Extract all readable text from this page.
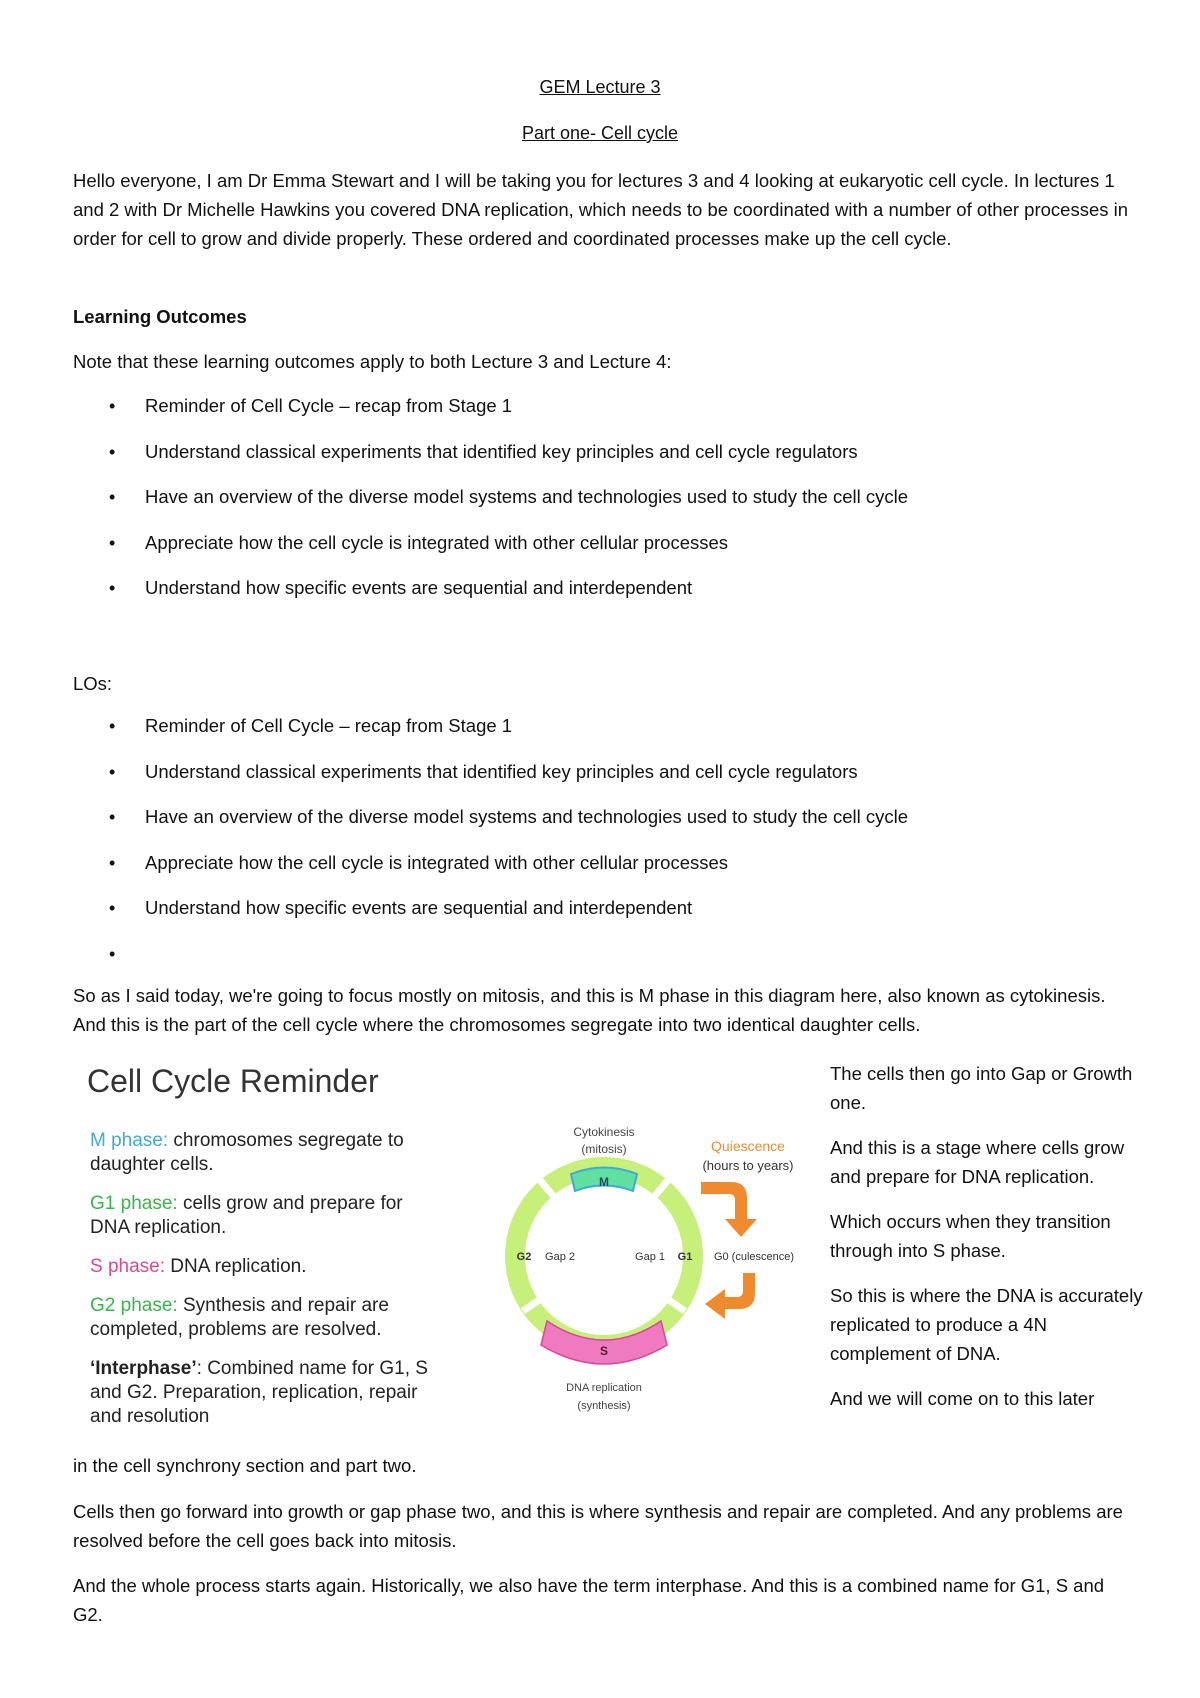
GEM Lecture 3
Part one- Cell cycle
Hello everyone, I am Dr Emma Stewart and I will be taking you for lectures 3 and 4 looking at eukaryotic cell cycle. In lectures 1 and 2 with Dr Michelle Hawkins you covered DNA replication, which needs to be coordinated with a number of other processes in order for cell to grow and divide properly. These ordered and coordinated processes make up the cell cycle.
Learning Outcomes
Note that these learning outcomes apply to both Lecture 3 and Lecture 4:
• Reminder of Cell Cycle – recap from Stage 1
• Understand classical experiments that identified key principles and cell cycle regulators
• Have an overview of the diverse model systems and technologies used to study the cell cycle
• Appreciate how the cell cycle is integrated with other cellular processes
• Understand how specific events are sequential and interdependent
LOs:
• Reminder of Cell Cycle – recap from Stage 1
• Understand classical experiments that identified key principles and cell cycle regulators
• Have an overview of the diverse model systems and technologies used to study the cell cycle
• Appreciate how the cell cycle is integrated with other cellular processes
• Understand how specific events are sequential and interdependent
•
So as I said today, we're going to focus mostly on mitosis, and this is M phase in this diagram here, also known as cytokinesis. And this is the part of the cell cycle where the chromosomes segregate into two identical daughter cells.
Cell Cycle Reminder

M phase: chromosomes segregate to daughter cells.

G1 phase: cells grow and prepare for DNA replication.

S phase: DNA replication.

G2 phase: Synthesis and repair are completed, problems are resolved.

‘Interphase’: Combined name for G1, S and G2. Preparation, replication, repair and resolution

M
S
Cytokinesis
(mitosis)	Quiescence
(hours to years)
G2 Gap 2	Gap 1 G1 G0 (culescence)
DNA replication
(synthesis)

The cells then go into Gap or Growth one.

And this is a stage where cells grow and prepare for DNA replication.

Which occurs when they transition through into S phase.

So this is where the DNA is accurately replicated to produce a 4N complement of DNA.

And we will come on to this later

in the cell synchrony section and part two.
Cells then go forward into growth or gap phase two, and this is where synthesis and repair are completed. And any problems are resolved before the cell goes back into mitosis.
And the whole process starts again. Historically, we also have the term interphase. And this is a combined name for G1, S and G2.
